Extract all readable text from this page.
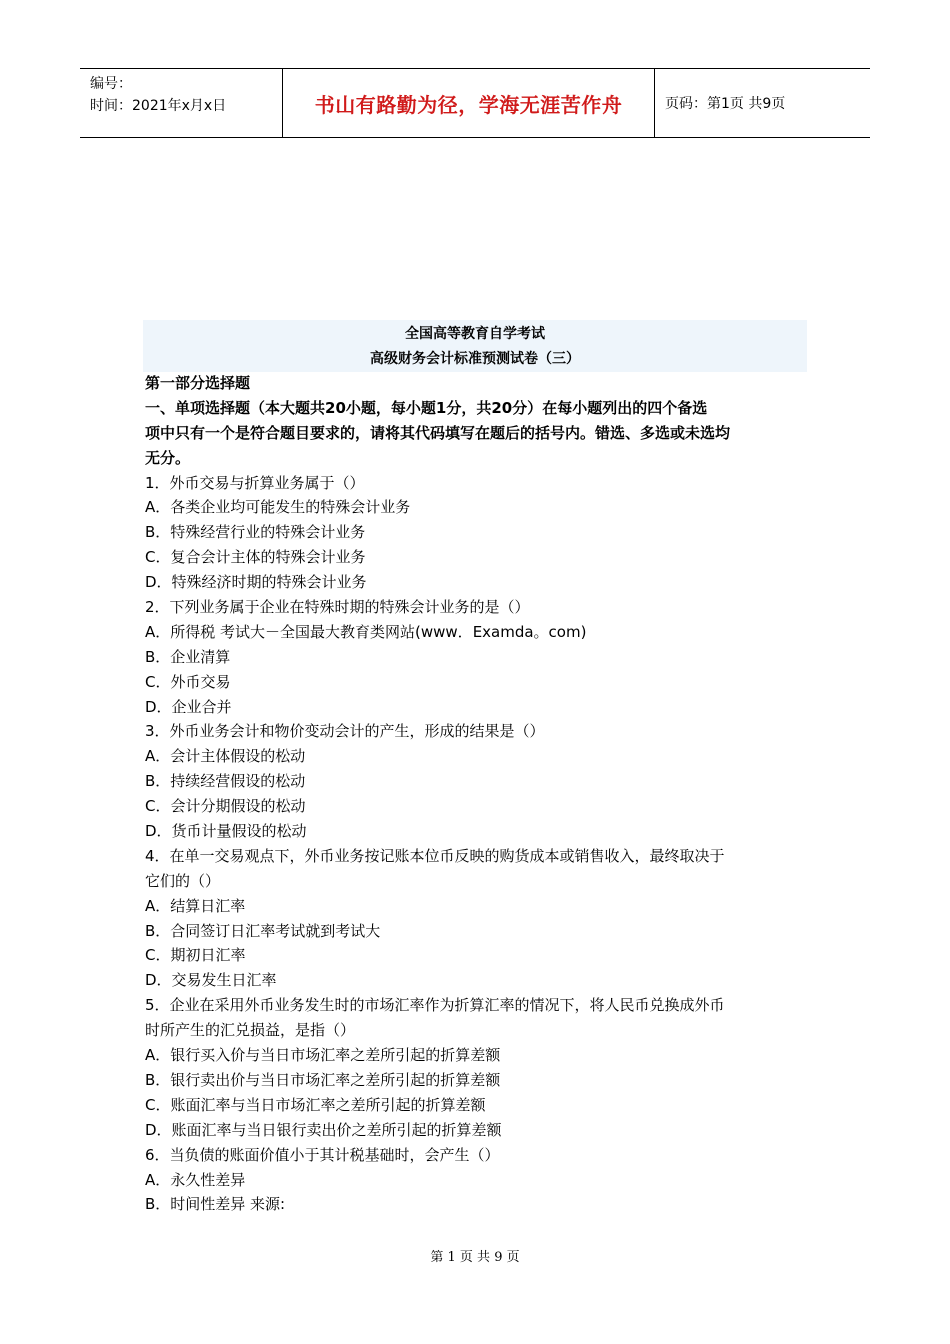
编号：
时间：2021年x月x日	书山有路勤为径，学海无涯苦作舟	页码：第1页 共9页
全国高等教育自学考试
高级财务会计标准预测试卷（三）
第一部分选择题
一、单项选择题（本大题共20小题，每小题1分，共20分）在每小题列出的四个备选
项中只有一个是符合题目要求的，请将其代码填写在题后的括号内。错选、多选或未选均
无分。
1．外币交易与折算业务属于（）
A．各类企业均可能发生的特殊会计业务
B．特殊经营行业的特殊会计业务
C．复合会计主体的特殊会计业务
D．特殊经济时期的特殊会计业务
2．下列业务属于企业在特殊时期的特殊会计业务的是（）
A．所得税 考试大－全国最大教育类网站(www．Examda。com)
B．企业清算
C．外币交易
D．企业合并
3．外币业务会计和物价变动会计的产生，形成的结果是（）
A．会计主体假设的松动
B．持续经营假设的松动
C．会计分期假设的松动
D．货币计量假设的松动
4．在单一交易观点下，外币业务按记账本位币反映的购货成本或销售收入，最终取决于
它们的（）
A．结算日汇率
B．合同签订日汇率考试就到考试大
C．期初日汇率
D．交易发生日汇率
5．企业在采用外币业务发生时的市场汇率作为折算汇率的情况下，将人民币兑换成外币
时所产生的汇兑损益，是指（）
A．银行买入价与当日市场汇率之差所引起的折算差额
B．银行卖出价与当日市场汇率之差所引起的折算差额
C．账面汇率与当日市场汇率之差所引起的折算差额
D．账面汇率与当日银行卖出价之差所引起的折算差额
6．当负债的账面价值小于其计税基础时，会产生（）
A．永久性差异
B．时间性差异 来源:
第 1 页 共 9 页
